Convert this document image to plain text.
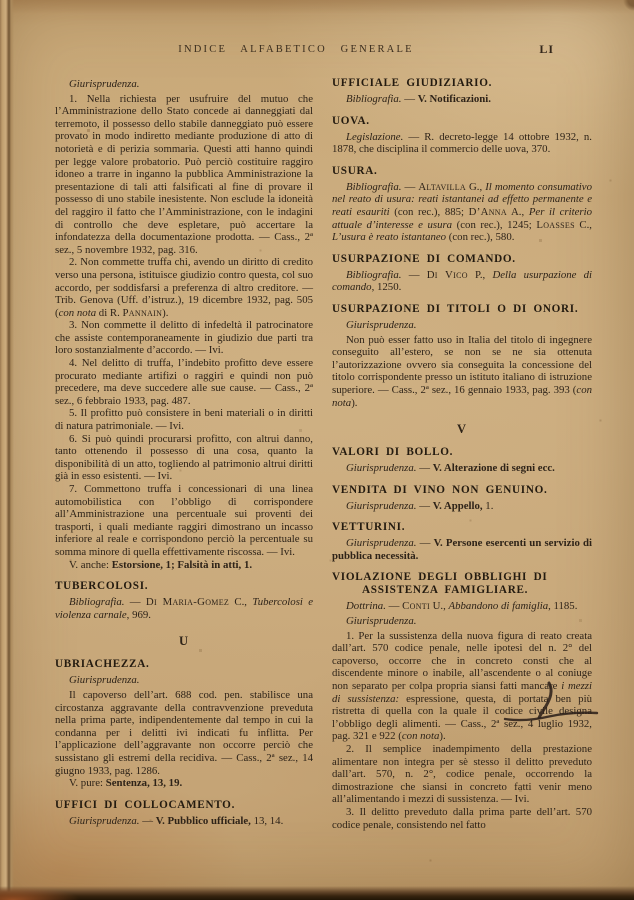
INDICE ALFABETICO GENERALE	LI

Giurisprudenza.

1. Nella richiesta per usufruire del mutuo che l’Amministrazione dello Stato concede ai danneggiati dal terremoto, il possesso dello stabile danneggiato può essere provato in modo indiretto mediante produzione di atto di notorietà e di perizia sommaria. Questi atti hanno quindi per legge valore probatorio. Può perciò costituire raggiro idoneo a trarre in inganno la pubblica Amministrazione la presentazione di tali atti falsificati al fine di provare il possesso di uno stabile inesistente. Non esclude la idoneità del raggiro il fatto che l’Amministrazione, con le indagini di controllo che deve espletare, può accertare la infondatezza della documentazione prodotta. — Cass., 2ª sez., 5 novembre 1932, pag. 316.

2. Non commette truffa chi, avendo un diritto di credito verso una persona, istituisce giudizio contro questa, col suo accordo, per soddisfarsi a preferenza di altro creditore. — Trib. Genova (Uff. d’istruz.), 19 dicembre 1932, pag. 505 (con nota di R. Pannain).

3. Non commette il delitto di infedeltà il patrocinatore che assiste contemporaneamente in giudizio due parti tra loro sostanzialmente d’accordo. — Ivi.

4. Nel delitto di truffa, l’indebito profitto deve essere procurato mediante artifizi o raggiri e quindi non può precedere, ma deve succedere alle sue cause. — Cass., 2ª sez., 6 febbraio 1933, pag. 487.

5. Il profitto può consistere in beni materiali o in diritti di natura patrimoniale. — Ivi.

6. Si può quindi procurarsi profitto, con altrui danno, tanto ottenendo il possesso di una cosa, quanto la disponibilità di un atto, togliendo al patrimonio altrui diritti già in esso esistenti. — Ivi.

7. Commettono truffa i concessionari di una linea automobilistica con l’obbligo di corrispondere all’Amministrazione una percentuale sui proventi dei trasporti, i quali mediante raggiri dimostrano un incasso inferiore al reale e corrispondono perciò la percentuale su somma minore di quella effettivamente riscossa. — Ivi.

V. anche: Estorsione, 1; Falsità in atti, 1.

TUBERCOLOSI.

Bibliografia. — Di Maria-Gomez C., Tubercolosi e violenza carnale, 969.

U
UBRIACHEZZA.

Giurisprudenza.

Il capoverso dell’art. 688 cod. pen. stabilisce una circostanza aggravante della contravvenzione preveduta nella prima parte, indipendentemente dal tempo in cui la condanna per i delitti ivi indicati fu inflitta. Per l’applicazione dell’aggravante non occorre perciò che sussistano gli estremi della recidiva. — Cass., 2ª sez., 14 giugno 1933, pag. 1286.

V. pure: Sentenza, 13, 19.

UFFICI DI COLLOCAMENTO.

Giurisprudenza. — V. Pubblico ufficiale, 13, 14.

UFFICIALE GIUDIZIARIO.

Bibliografia. — V. Notificazioni.

UOVA.

Legislazione. — R. decreto-legge 14 ottobre 1932, n. 1878, che disciplina il commercio delle uova, 370.

USURA.

Bibliografia. — Altavilla G., Il momento consumativo nel reato di usura: reati istantanei ad effetto permanente e reati esauriti (con rec.), 885; D’Anna A., Per il criterio attuale d’interesse e usura (con rec.), 1245; Loasses C., L’usura è reato istantaneo (con rec.), 580.

USURPAZIONE DI COMANDO.

Bibliografia. — Di Vico P., Della usurpazione di comando, 1250.

USURPAZIONE DI TITOLI O DI ONORI.

Giurisprudenza.

Non può esser fatto uso in Italia del titolo di ingegnere conseguito all’estero, se non se ne sia ottenuta l’autorizzazione ovvero sia conseguita la concessione del titolo corrispondente presso un istituto italiano di istruzione superiore. — Cass., 2ª sez., 16 gennaio 1933, pag. 393 (con nota).

V
VALORI DI BOLLO.

Giurisprudenza. — V. Alterazione di segni ecc.

VENDITA DI VINO NON GENUINO.

Giurisprudenza. — V. Appello, 1.

VETTURINI.

Giurisprudenza. — V. Persone esercenti un servizio di pubblica necessità.

VIOLAZIONE DEGLI OBBLIGHI DI ASSISTENZA FAMIGLIARE.

Dottrina. — Conti U., Abbandono di famiglia, 1185.

Giurisprudenza.

1. Per la sussistenza della nuova figura di reato creata dall’art. 570 codice penale, nelle ipotesi del n. 2° del capoverso, occorre che in concreto consti che al discendente minore o inabile, all’ascendente o al coniuge non separato per colpa propria siansi fatti mancare i mezzi di sussistenza: espressione, questa, di portata ben più ristretta di quella con la quale il codice civile designa l’obbligo degli alimenti. — Cass., 2ª sez., 4 luglio 1932, pag. 321 e 922 (con nota).

2. Il semplice inadempimento della prestazione alimentare non integra per sè stesso il delitto preveduto dall’art. 570, n. 2°, codice penale, occorrendo la dimostrazione che siansi in concreto fatti venir meno all’alimentando i mezzi di sussistenza. — Ivi.

3. Il delitto preveduto dalla prima parte dell’art. 570 codice penale, consistendo nel fatto
